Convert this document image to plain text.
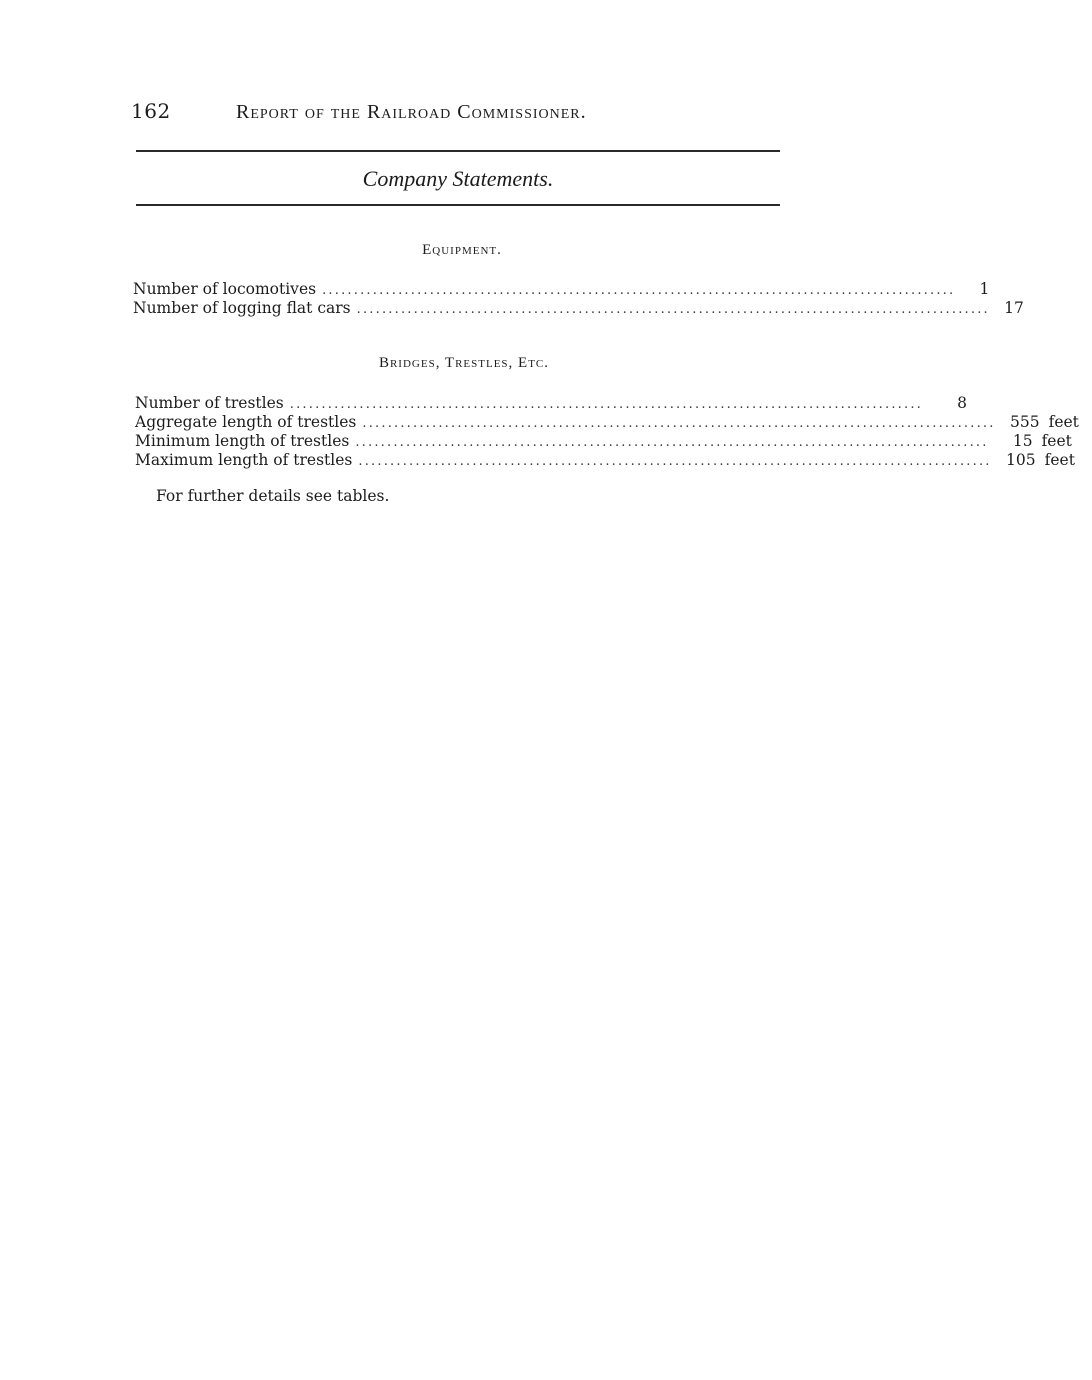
162	Report of the Railroad Commissioner.
Company Statements.
Equipment.
Number of locomotives ....................................................................................................	1
Number of logging flat cars .................................................................................................... 17
Bridges, Trestles, Etc.
Number of trestles ....................................................................................................	8
Aggregate length of trestles .................................................................................................... 555 feet
Minimum length of trestles ....................................................................................................	15 feet
Maximum length of trestles .................................................................................................... 105 feet
For further details see tables.
